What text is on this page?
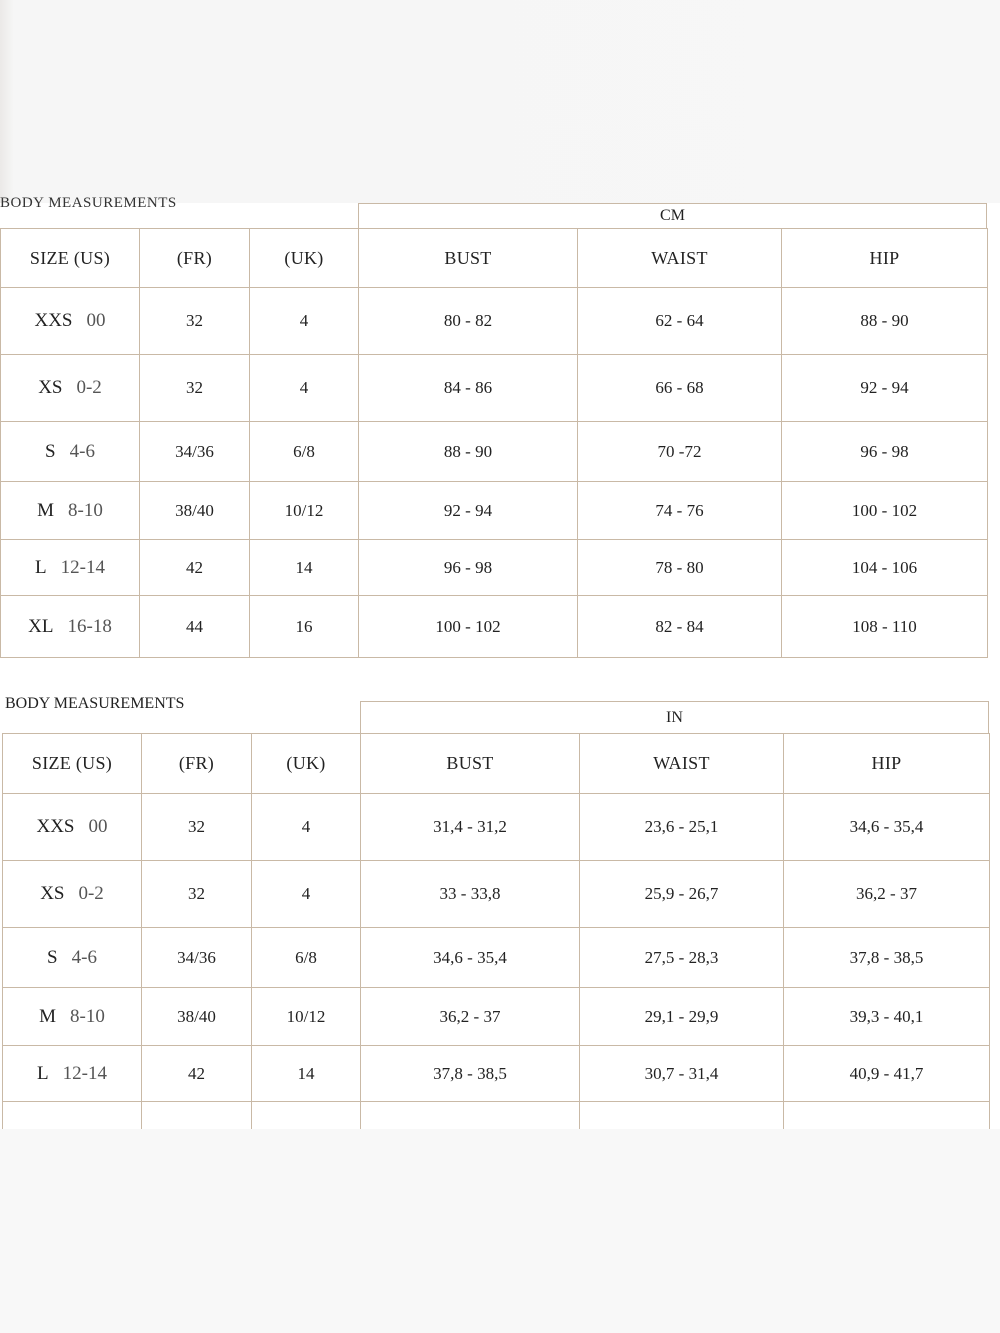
BODY MEASUREMENTS
CM
SIZE (US)	(FR)	(UK)	BUST	WAIST	HIP
XXS 00	32	4	80 - 82	62 - 64	88 - 90
XS 0-2	32	4	84 - 86	66 - 68	92 - 94
S 4-6	34/36	6/8	88 - 90	70 -72	96 - 98
M 8-10	38/40	10/12	92 - 94	74 - 76	100 - 102
L 12-14	42	14	96 - 98	78 - 80	104 - 106
XL 16-18	44	16	100 - 102	82 - 84	108 - 110
BODY MEASUREMENTS
IN
SIZE (US)	(FR)	(UK)	BUST	WAIST	HIP
XXS 00	32	4	31,4 - 31,2	23,6 - 25,1	34,6 - 35,4
XS 0-2	32	4	33 - 33,8	25,9 - 26,7	36,2 - 37
S 4-6	34/36	6/8	34,6 - 35,4	27,5 - 28,3	37,8 - 38,5
M 8-10	38/40	10/12	36,2 - 37	29,1 - 29,9	39,3 - 40,1
L 12-14	42	14	37,8 - 38,5	30,7 - 31,4	40,9 - 41,7
